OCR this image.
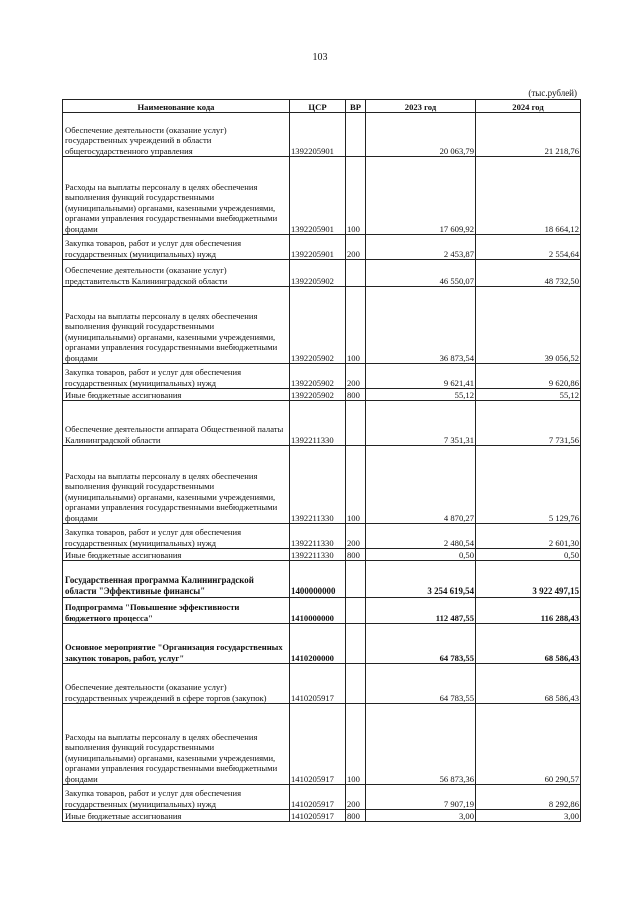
103
(тыс.рублей)
Наименование кода	ЦСР	ВР	2023 год	2024 год
Обеспечение деятельности (оказание услуг) государственных учреждений в области общегосударственного управления	1392205901		20 063,79	21 218,76
Расходы на выплаты персоналу в целях обеспечения выполнения функций государственными (муниципальными) органами, казенными учреждениями, органами управления государственными внебюджетными фондами	1392205901	100	17 609,92	18 664,12
Закупка товаров, работ и услуг для обеспечения государственных (муниципальных) нужд	1392205901	200	2 453,87	2 554,64
Обеспечение деятельности (оказание услуг) представительств Калининградской области	1392205902		46 550,07	48 732,50
Расходы на выплаты персоналу в целях обеспечения выполнения функций государственными (муниципальными) органами, казенными учреждениями, органами управления государственными внебюджетными фондами	1392205902	100	36 873,54	39 056,52
Закупка товаров, работ и услуг для обеспечения государственных (муниципальных) нужд	1392205902	200	9 621,41	9 620,86
Иные бюджетные ассигнования	1392205902	800	55,12	55,12
Обеспечение деятельности аппарата Общественной палаты Калининградской области	1392211330		7 351,31	7 731,56
Расходы на выплаты персоналу в целях обеспечения выполнения функций государственными (муниципальными) органами, казенными учреждениями, органами управления государственными внебюджетными фондами	1392211330	100	4 870,27	5 129,76
Закупка товаров, работ и услуг для обеспечения государственных (муниципальных) нужд	1392211330	200	2 480,54	2 601,30
Иные бюджетные ассигнования	1392211330	800	0,50	0,50
Государственная программа Калининградской области "Эффективные финансы"	1400000000		3 254 619,54	3 922 497,15
Подпрограмма "Повышение эффективности бюджетного процесса"	1410000000		112 487,55	116 288,43
Основное мероприятие "Организация государственных закупок товаров, работ, услуг"	1410200000		64 783,55	68 586,43
Обеспечение деятельности (оказание услуг) государственных учреждений в сфере торгов (закупок)	1410205917		64 783,55	68 586,43
Расходы на выплаты персоналу в целях обеспечения выполнения функций государственными (муниципальными) органами, казенными учреждениями, органами управления государственными внебюджетными фондами	1410205917	100	56 873,36	60 290,57
Закупка товаров, работ и услуг для обеспечения государственных (муниципальных) нужд	1410205917	200	7 907,19	8 292,86
Иные бюджетные ассигнования	1410205917	800	3,00	3,00
